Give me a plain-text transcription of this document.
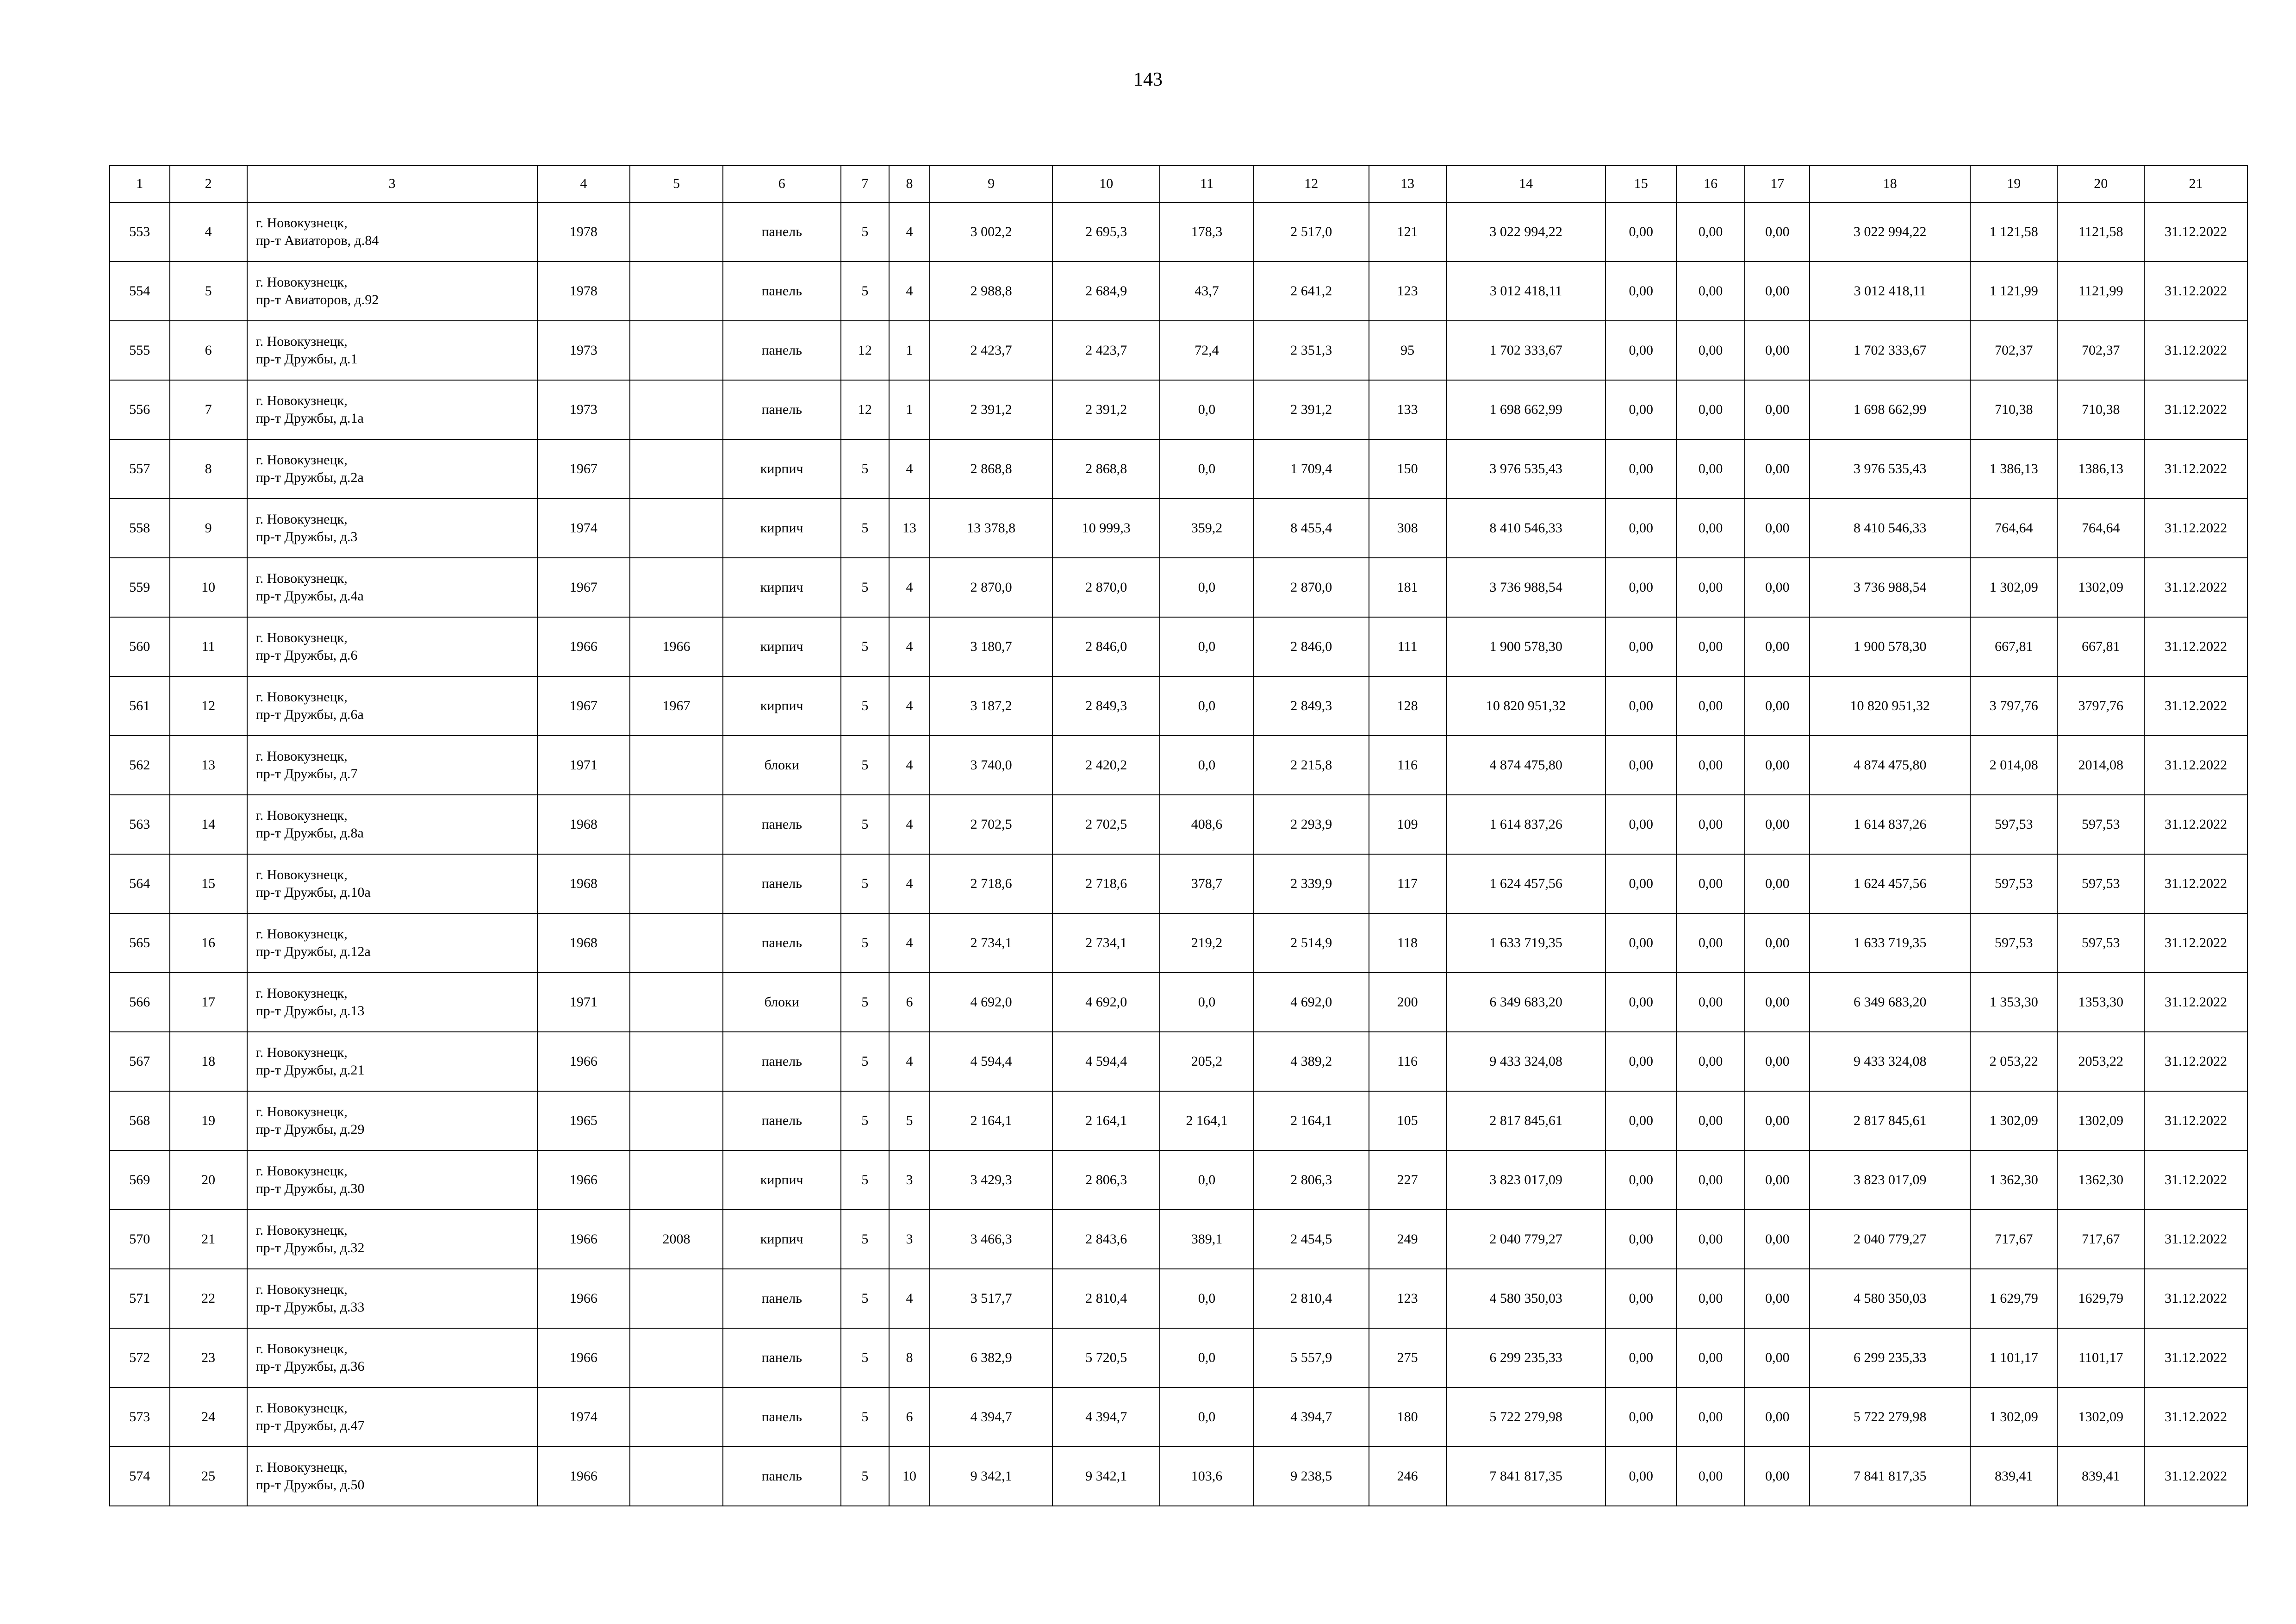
143
1	2	3	4	5	6	7	8	9	10	11	12	13	14	15	16	17	18	19	20	21
553	4	г. Новокузнецк,
пр-т Авиаторов, д.84	1978		панель	5	4	3 002,2	2 695,3	178,3	2 517,0	121	3 022 994,22	0,00	0,00	0,00	3 022 994,22	1 121,58	1121,58	31.12.2022
554	5	г. Новокузнецк,
пр-т Авиаторов, д.92	1978		панель	5	4	2 988,8	2 684,9	43,7	2 641,2	123	3 012 418,11	0,00	0,00	0,00	3 012 418,11	1 121,99	1121,99	31.12.2022
555	6	г. Новокузнецк,
пр-т Дружбы, д.1	1973		панель	12	1	2 423,7	2 423,7	72,4	2 351,3	95	1 702 333,67	0,00	0,00	0,00	1 702 333,67	702,37	702,37	31.12.2022
556	7	г. Новокузнецк,
пр-т Дружбы, д.1а	1973		панель	12	1	2 391,2	2 391,2	0,0	2 391,2	133	1 698 662,99	0,00	0,00	0,00	1 698 662,99	710,38	710,38	31.12.2022
557	8	г. Новокузнецк,
пр-т Дружбы, д.2а	1967		кирпич	5	4	2 868,8	2 868,8	0,0	1 709,4	150	3 976 535,43	0,00	0,00	0,00	3 976 535,43	1 386,13	1386,13	31.12.2022
558	9	г. Новокузнецк,
пр-т Дружбы, д.3	1974		кирпич	5	13	13 378,8	10 999,3	359,2	8 455,4	308	8 410 546,33	0,00	0,00	0,00	8 410 546,33	764,64	764,64	31.12.2022
559	10	г. Новокузнецк,
пр-т Дружбы, д.4а	1967		кирпич	5	4	2 870,0	2 870,0	0,0	2 870,0	181	3 736 988,54	0,00	0,00	0,00	3 736 988,54	1 302,09	1302,09	31.12.2022
560	11	г. Новокузнецк,
пр-т Дружбы, д.6	1966	1966	кирпич	5	4	3 180,7	2 846,0	0,0	2 846,0	111	1 900 578,30	0,00	0,00	0,00	1 900 578,30	667,81	667,81	31.12.2022
561	12	г. Новокузнецк,
пр-т Дружбы, д.6а	1967	1967	кирпич	5	4	3 187,2	2 849,3	0,0	2 849,3	128	10 820 951,32	0,00	0,00	0,00	10 820 951,32	3 797,76	3797,76	31.12.2022
562	13	г. Новокузнецк,
пр-т Дружбы, д.7	1971		блоки	5	4	3 740,0	2 420,2	0,0	2 215,8	116	4 874 475,80	0,00	0,00	0,00	4 874 475,80	2 014,08	2014,08	31.12.2022
563	14	г. Новокузнецк,
пр-т Дружбы, д.8а	1968		панель	5	4	2 702,5	2 702,5	408,6	2 293,9	109	1 614 837,26	0,00	0,00	0,00	1 614 837,26	597,53	597,53	31.12.2022
564	15	г. Новокузнецк,
пр-т Дружбы, д.10а	1968		панель	5	4	2 718,6	2 718,6	378,7	2 339,9	117	1 624 457,56	0,00	0,00	0,00	1 624 457,56	597,53	597,53	31.12.2022
565	16	г. Новокузнецк,
пр-т Дружбы, д.12а	1968		панель	5	4	2 734,1	2 734,1	219,2	2 514,9	118	1 633 719,35	0,00	0,00	0,00	1 633 719,35	597,53	597,53	31.12.2022
566	17	г. Новокузнецк,
пр-т Дружбы, д.13	1971		блоки	5	6	4 692,0	4 692,0	0,0	4 692,0	200	6 349 683,20	0,00	0,00	0,00	6 349 683,20	1 353,30	1353,30	31.12.2022
567	18	г. Новокузнецк,
пр-т Дружбы, д.21	1966		панель	5	4	4 594,4	4 594,4	205,2	4 389,2	116	9 433 324,08	0,00	0,00	0,00	9 433 324,08	2 053,22	2053,22	31.12.2022
568	19	г. Новокузнецк,
пр-т Дружбы, д.29	1965		панель	5	5	2 164,1	2 164,1	2 164,1	2 164,1	105	2 817 845,61	0,00	0,00	0,00	2 817 845,61	1 302,09	1302,09	31.12.2022
569	20	г. Новокузнецк,
пр-т Дружбы, д.30	1966		кирпич	5	3	3 429,3	2 806,3	0,0	2 806,3	227	3 823 017,09	0,00	0,00	0,00	3 823 017,09	1 362,30	1362,30	31.12.2022
570	21	г. Новокузнецк,
пр-т Дружбы, д.32	1966	2008	кирпич	5	3	3 466,3	2 843,6	389,1	2 454,5	249	2 040 779,27	0,00	0,00	0,00	2 040 779,27	717,67	717,67	31.12.2022
571	22	г. Новокузнецк,
пр-т Дружбы, д.33	1966		панель	5	4	3 517,7	2 810,4	0,0	2 810,4	123	4 580 350,03	0,00	0,00	0,00	4 580 350,03	1 629,79	1629,79	31.12.2022
572	23	г. Новокузнецк,
пр-т Дружбы, д.36	1966		панель	5	8	6 382,9	5 720,5	0,0	5 557,9	275	6 299 235,33	0,00	0,00	0,00	6 299 235,33	1 101,17	1101,17	31.12.2022
573	24	г. Новокузнецк,
пр-т Дружбы, д.47	1974		панель	5	6	4 394,7	4 394,7	0,0	4 394,7	180	5 722 279,98	0,00	0,00	0,00	5 722 279,98	1 302,09	1302,09	31.12.2022
574	25	г. Новокузнецк,
пр-т Дружбы, д.50	1966		панель	5	10	9 342,1	9 342,1	103,6	9 238,5	246	7 841 817,35	0,00	0,00	0,00	7 841 817,35	839,41	839,41	31.12.2022
